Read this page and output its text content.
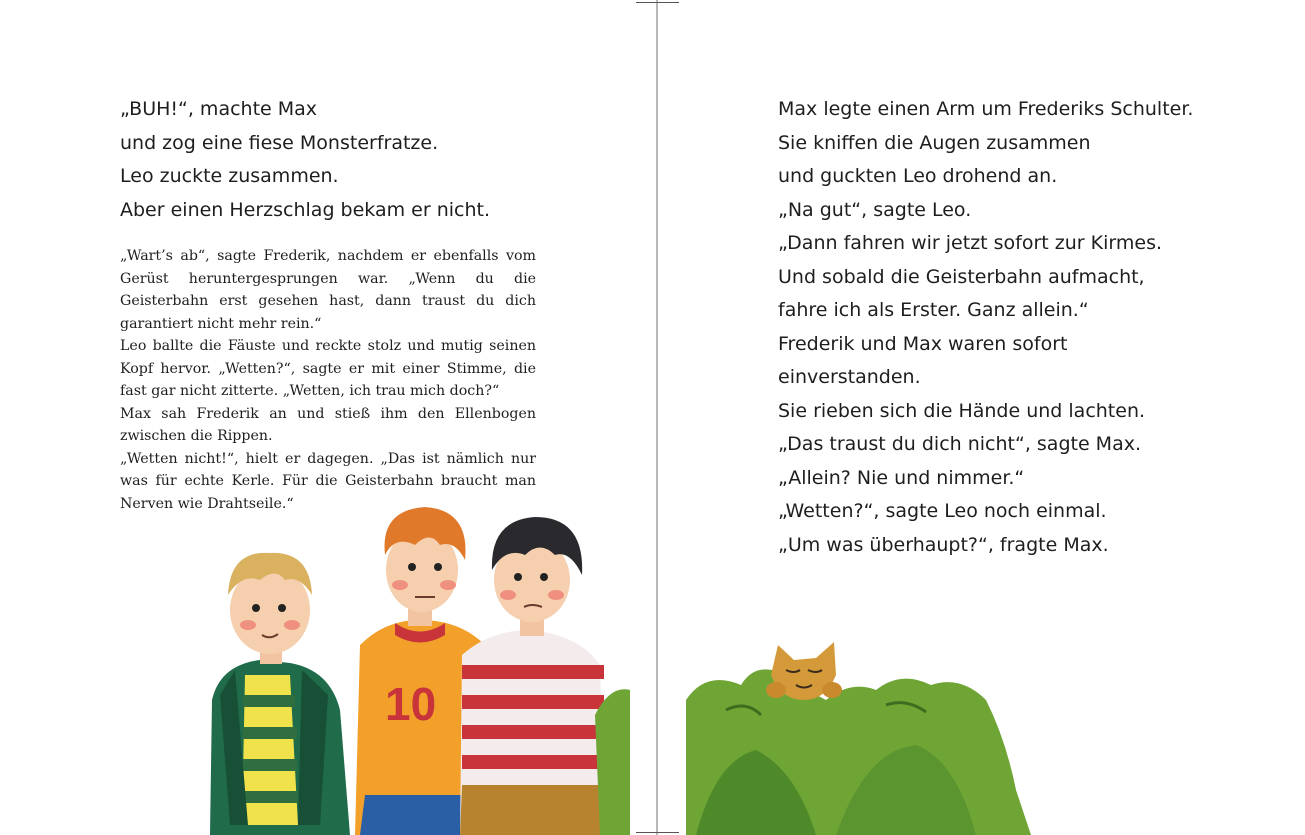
„BUH!“, machte Max
und zog eine fiese Monsterfratze.
Leo zuckte zusammen.
Aber einen Herzschlag bekam er nicht.

„Wart’s ab“, sagte Frederik, nachdem er ebenfalls vom Gerüst heruntergesprungen war. „Wenn du die Geisterbahn erst gesehen hast, dann traust du dich garantiert nicht mehr rein.“

Leo ballte die Fäuste und reckte stolz und mutig seinen Kopf hervor. „Wetten?“, sagte er mit einer Stimme, die fast gar nicht zitterte. „Wetten, ich trau mich doch?“

Max sah Frederik an und stieß ihm den Ellenbogen zwischen die Rippen.

„Wetten nicht!“, hielt er dagegen. „Das ist nämlich nur was für echte Kerle. Für die Geisterbahn braucht man Nerven wie Drahtseile.“

10
Max legte einen Arm um Frederiks Schulter.
Sie kniffen die Augen zusammen
und guckten Leo drohend an.
„Na gut“, sagte Leo.
„Dann fahren wir jetzt sofort zur Kirmes.
Und sobald die Geisterbahn aufmacht,
fahre ich als Erster. Ganz allein.“
Frederik und Max waren sofort
einverstanden.
Sie rieben sich die Hände und lachten.
„Das traust du dich nicht“, sagte Max.
„Allein? Nie und nimmer.“
„Wetten?“, sagte Leo noch einmal.
„Um was überhaupt?“, fragte Max.
